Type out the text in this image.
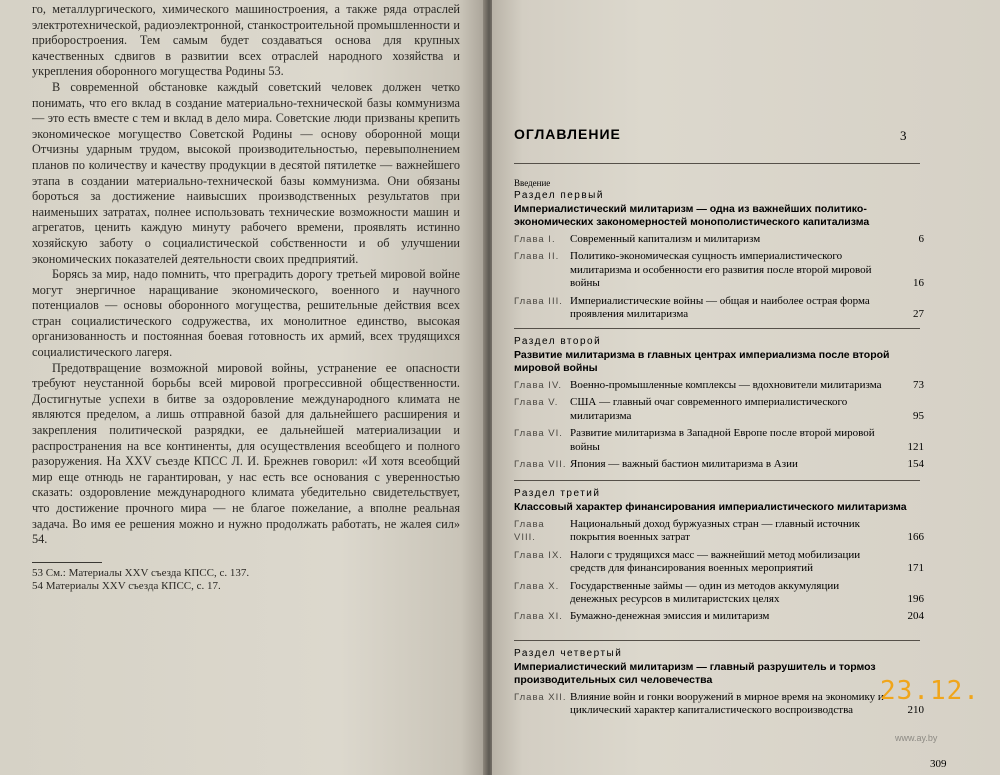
го, металлургического, химического машиностроения, а также ряда отраслей электротехнической, радиоэлектронной, станкостроительной промышленности и приборостроения. Тем самым будет создаваться основа для крупных качественных сдвигов в развитии всех отраслей народного хозяйства и укрепления оборонного могущества Родины 53.

В современной обстановке каждый советский человек должен четко понимать, что его вклад в создание материально-технической базы коммунизма — это есть вместе с тем и вклад в дело мира. Советские люди призваны крепить экономическое могущество Советской Родины — основу оборонной мощи Отчизны ударным трудом, высокой производительностью, перевыполнением планов по количеству и качеству продукции в десятой пятилетке — важнейшего этапа в создании материально-технической базы коммунизма. Они обязаны бороться за достижение наивысших производственных результатов при наименьших затратах, полнее использовать технические возможности машин и агрегатов, ценить каждую минуту рабочего времени, проявлять истинно хозяйскую заботу о социалистической собственности и об улучшении экономических показателей деятельности своих предприятий.

Борясь за мир, надо помнить, что преградить дорогу третьей мировой войне могут энергичное наращивание экономического, военного и научного потенциалов — основы оборонного могущества, решительные действия всех стран социалистического содружества, их монолитное единство, высокая организованность и постоянная боевая готовность их армий, всех трудящихся социалистического лагеря.

Предотвращение возможной мировой войны, устранение ее опасности требуют неустанной борьбы всей мировой прогрессивной общественности. Достигнутые успехи в битве за оздоровление международного климата не являются пределом, а лишь отправной базой для дальнейшего расширения и закрепления политической разрядки, ее дальнейшей материализации и распространения на все континенты, для осуществления всеобщего и полного разоружения. На XXV съезде КПСС Л. И. Брежнев говорил: «И хотя всеобщий мир еще отнюдь не гарантирован, у нас есть все основания с уверенностью сказать: оздоровление международного климата убедительно свидетельствует, что достижение прочного мира — не благое пожелание, а вполне реальная задача. Во имя ее решения можно и нужно продолжать работать, не жалея сил» 54.

53 См.: Материалы XXV съезда КПСС, с. 137.

54 Материалы XXV съезда КПСС, с. 17.

ОГЛАВЛЕНИЕ	3
Введение
Раздел первый
Империалистический милитаризм — одна из важнейших политико-экономических закономерностей монополистического капитализма
Глава I.	Современный капитализм и милитаризм	6
Глава II. Политико-экономическая сущность империалистического милитаризма и особенности его развития после второй мировой войны	16
Глава III. Империалистические войны — общая и наиболее острая форма проявления милитаризма	27
Раздел второй
Развитие милитаризма в главных центрах империализма после второй мировой войны
Глава IV. Военно-промышленные комплексы — вдохновители милитаризма	73
Глава V.	США — главный очаг современного империалистического милитаризма	95
Глава VI. Развитие милитаризма в Западной Европе после второй мировой войны	121
Глава VII. Япония — важный бастион милитаризма в Азии	154
Раздел третий
Классовый характер финансирования империалистического милитаризма
Глава VIII.
Национальный доход буржуазных стран — главный источник покрытия военных затрат	166
Глава IX. Налоги с трудящихся масс — важнейший метод мобилизации средств для финансирования военных мероприятий	171
Глава X. Государственные займы — один из методов аккумуляции денежных ресурсов в милитаристских целях	196
Глава XI. Бумажно-денежная эмиссия и милитаризм	204
Раздел четвертый
Империалистический милитаризм — главный разрушитель и тормоз производительных сил человечества
Глава XII. Влияние войн и гонки вооружений в мирное время на экономику и циклический характер капиталистического воспроизводства	210
23.12.
www.ay.by
309
